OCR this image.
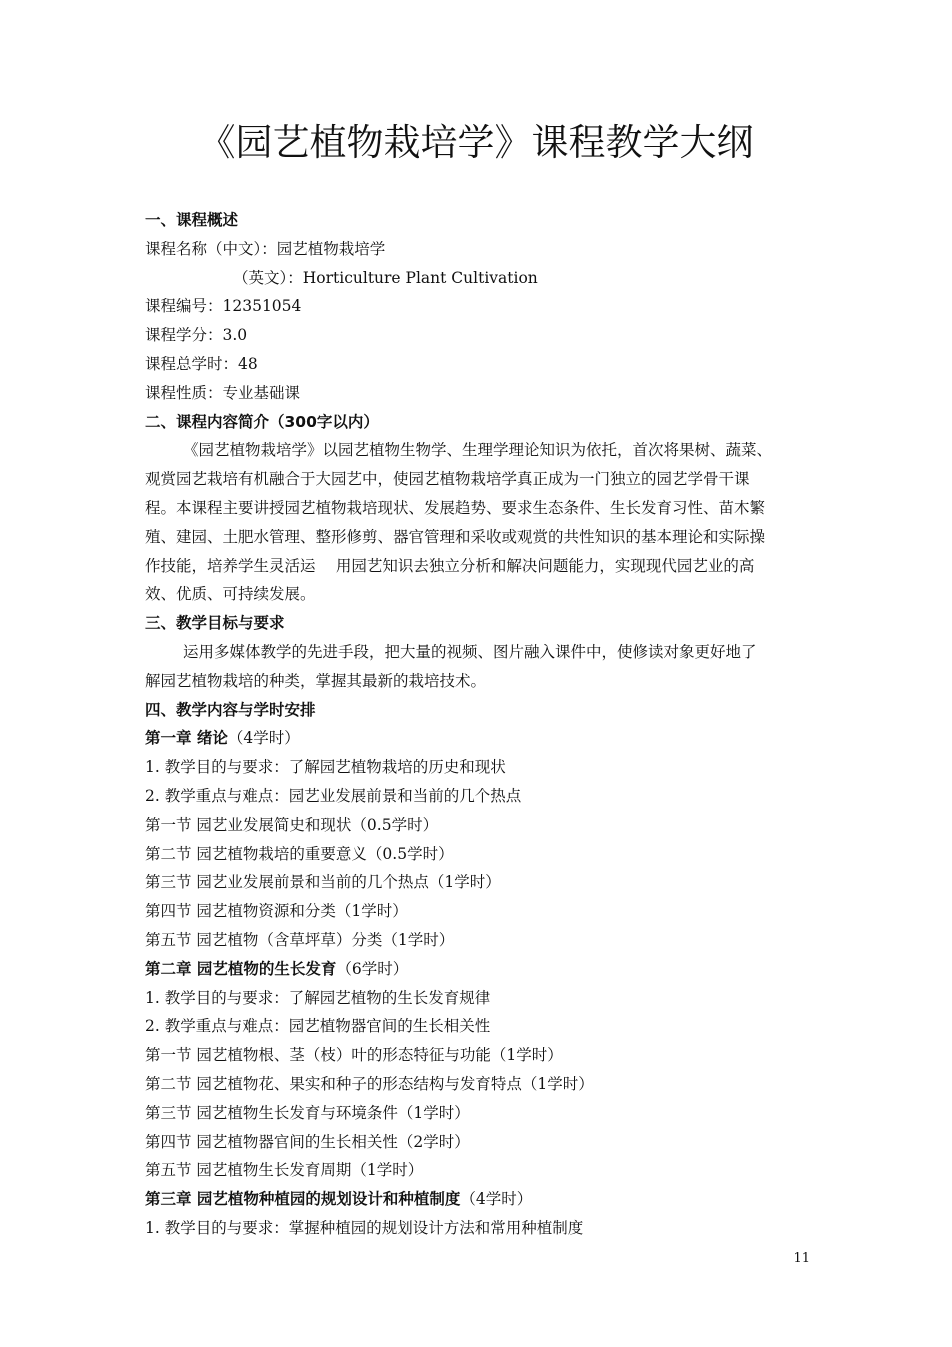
《园艺植物栽培学》课程教学大纲
一、课程概述
课程名称（中文）：园艺植物栽培学
（英文）：Horticulture Plant Cultivation
课程编号：12351054
课程学分：3.0
课程总学时：48
课程性质：专业基础课
二、课程内容简介（300字以内）
《园艺植物栽培学》以园艺植物生物学、生理学理论知识为依托，首次将果树、蔬菜、
观赏园艺栽培有机融合于大园艺中，使园艺植物栽培学真正成为一门独立的园艺学骨干课
程。本课程主要讲授园艺植物栽培现状、发展趋势、要求生态条件、生长发育习性、苗木繁
殖、建园、土肥水管理、整形修剪、器官管理和采收或观赏的共性知识的基本理论和实际操
作技能，培养学生灵活运　 用园艺知识去独立分析和解决问题能力，实现现代园艺业的高
效、优质、可持续发展。
三、教学目标与要求
运用多媒体教学的先进手段，把大量的视频、图片融入课件中，使修读对象更好地了
解园艺植物栽培的种类，掌握其最新的栽培技术。
四、教学内容与学时安排
第一章 绪论（4学时）
1. 教学目的与要求：了解园艺植物栽培的历史和现状
2. 教学重点与难点：园艺业发展前景和当前的几个热点
第一节 园艺业发展简史和现状（0.5学时）
第二节 园艺植物栽培的重要意义（0.5学时）
第三节 园艺业发展前景和当前的几个热点（1学时）
第四节 园艺植物资源和分类（1学时）
第五节 园艺植物（含草坪草）分类（1学时）
第二章 园艺植物的生长发育（6学时）
1. 教学目的与要求：了解园艺植物的生长发育规律
2. 教学重点与难点：园艺植物器官间的生长相关性
第一节 园艺植物根、茎（枝）叶的形态特征与功能（1学时）
第二节 园艺植物花、果实和种子的形态结构与发育特点（1学时）
第三节 园艺植物生长发育与环境条件（1学时）
第四节 园艺植物器官间的生长相关性（2学时）
第五节 园艺植物生长发育周期（1学时）
第三章 园艺植物种植园的规划设计和种植制度（4学时）
1. 教学目的与要求：掌握种植园的规划设计方法和常用种植制度
11
